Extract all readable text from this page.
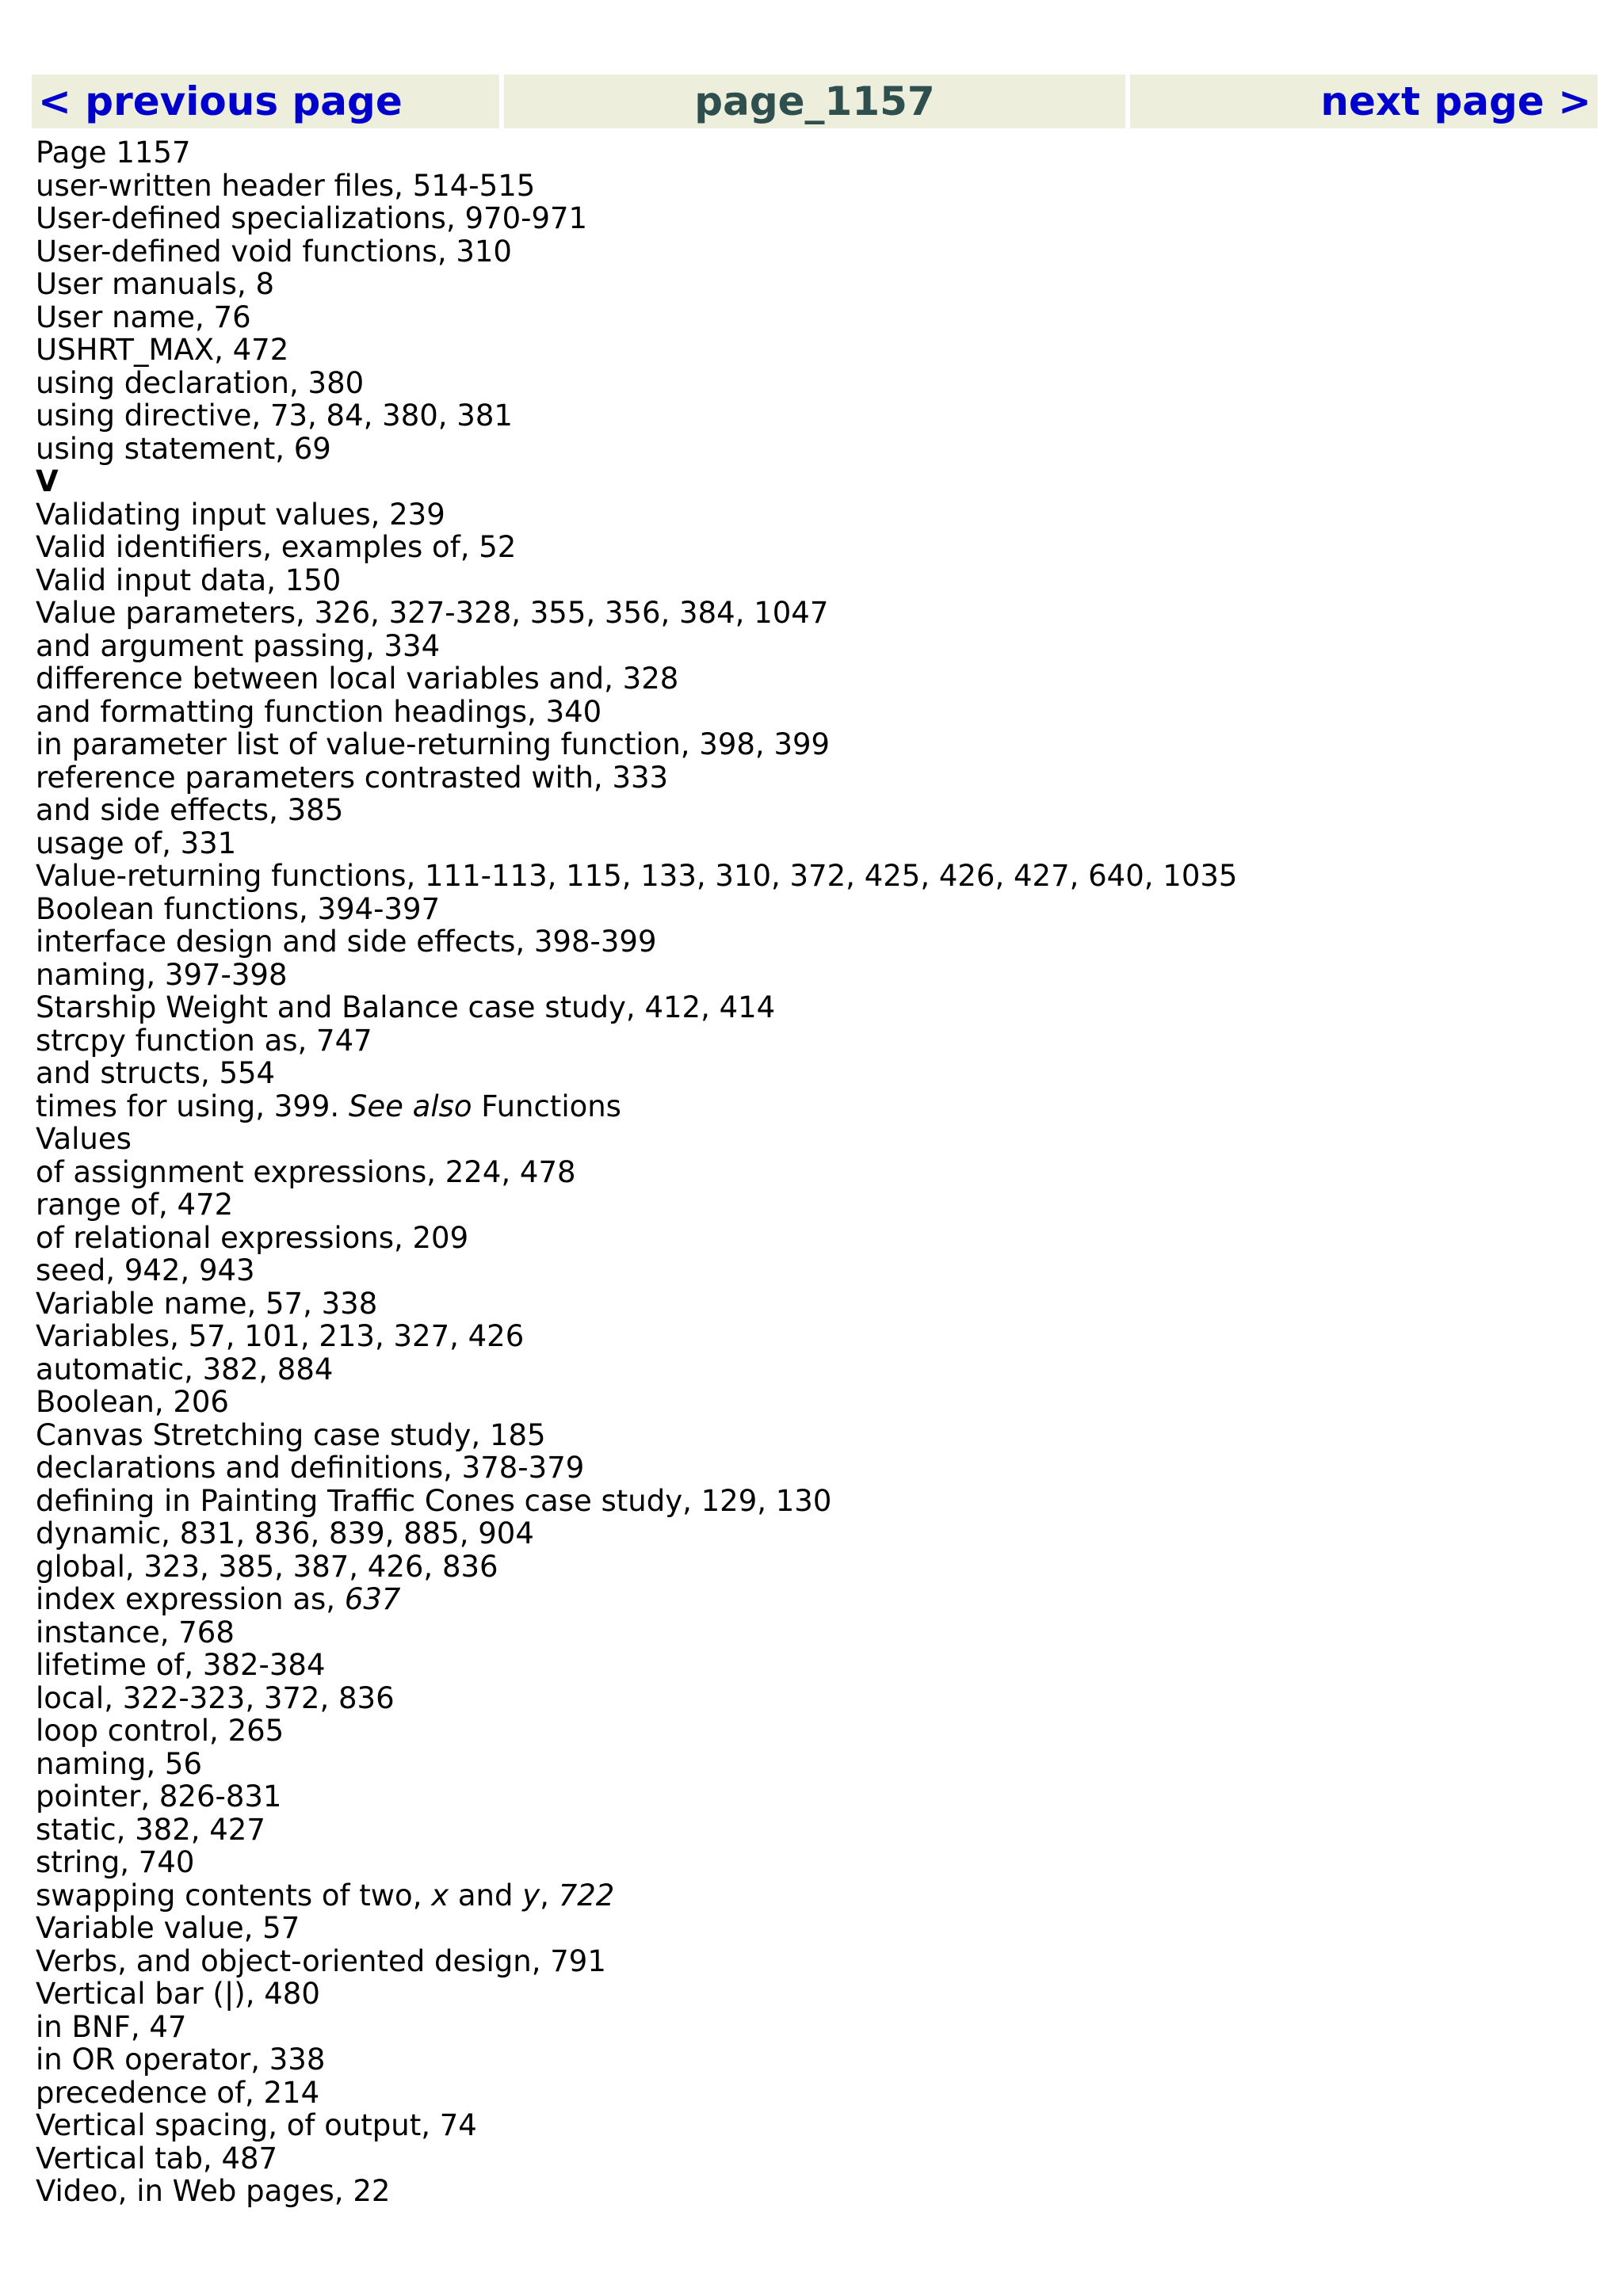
< previous page	page_1157	next page >
Page 1157
user-written header files, 514-515
User-defined specializations, 970-971
User-defined void functions, 310
User manuals, 8
User name, 76
USHRT_MAX, 472
using declaration, 380
using directive, 73, 84, 380, 381
using statement, 69
V
Validating input values, 239
Valid identifiers, examples of, 52
Valid input data, 150
Value parameters, 326, 327-328, 355, 356, 384, 1047
and argument passing, 334
difference between local variables and, 328
and formatting function headings, 340
in parameter list of value-returning function, 398, 399
reference parameters contrasted with, 333
and side effects, 385
usage of, 331
Value-returning functions, 111-113, 115, 133, 310, 372, 425, 426, 427, 640, 1035
Boolean functions, 394-397
interface design and side effects, 398-399
naming, 397-398
Starship Weight and Balance case study, 412, 414
strcpy function as, 747
and structs, 554
times for using, 399. See also Functions
Values
of assignment expressions, 224, 478
range of, 472
of relational expressions, 209
seed, 942, 943
Variable name, 57, 338
Variables, 57, 101, 213, 327, 426
automatic, 382, 884
Boolean, 206
Canvas Stretching case study, 185
declarations and definitions, 378-379
defining in Painting Traffic Cones case study, 129, 130
dynamic, 831, 836, 839, 885, 904
global, 323, 385, 387, 426, 836
index expression as, 637
instance, 768
lifetime of, 382-384
local, 322-323, 372, 836
loop control, 265
naming, 56
pointer, 826-831
static, 382, 427
string, 740
swapping contents of two, x and y, 722
Variable value, 57
Verbs, and object-oriented design, 791
Vertical bar (|), 480
in BNF, 47
in OR operator, 338
precedence of, 214
Vertical spacing, of output, 74
Vertical tab, 487
Video, in Web pages, 22
